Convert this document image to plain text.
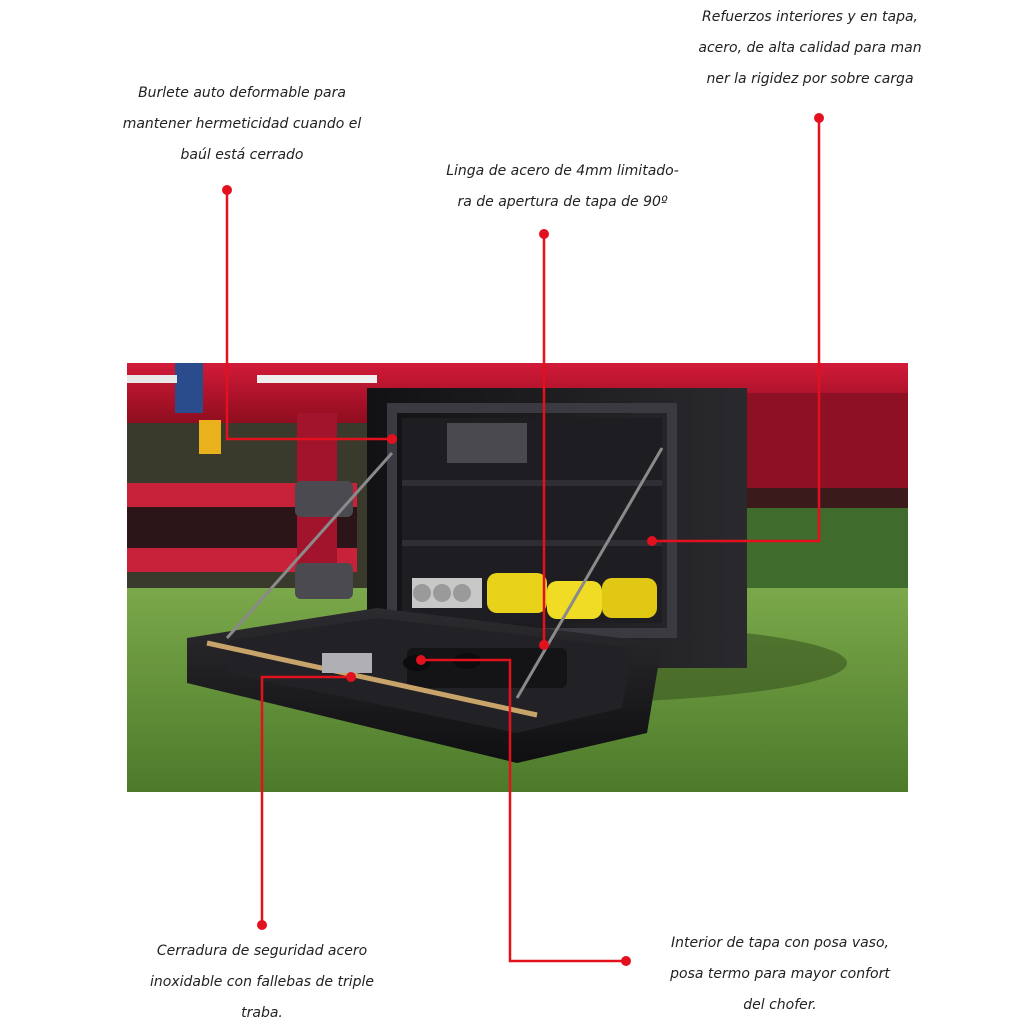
Burlete auto deformable para
mantener hermeticidad cuando el
baúl está cerrado
Linga de acero de 4mm limitado-
ra de apertura de tapa de 90º
Refuerzos interiores y en tapa,
acero, de alta calidad para man
ner la rigidez por sobre carga
Cerradura de seguridad acero
inoxidable con fallebas de triple
traba.
Interior de tapa con posa vaso,
posa termo para mayor confort
del chofer.
